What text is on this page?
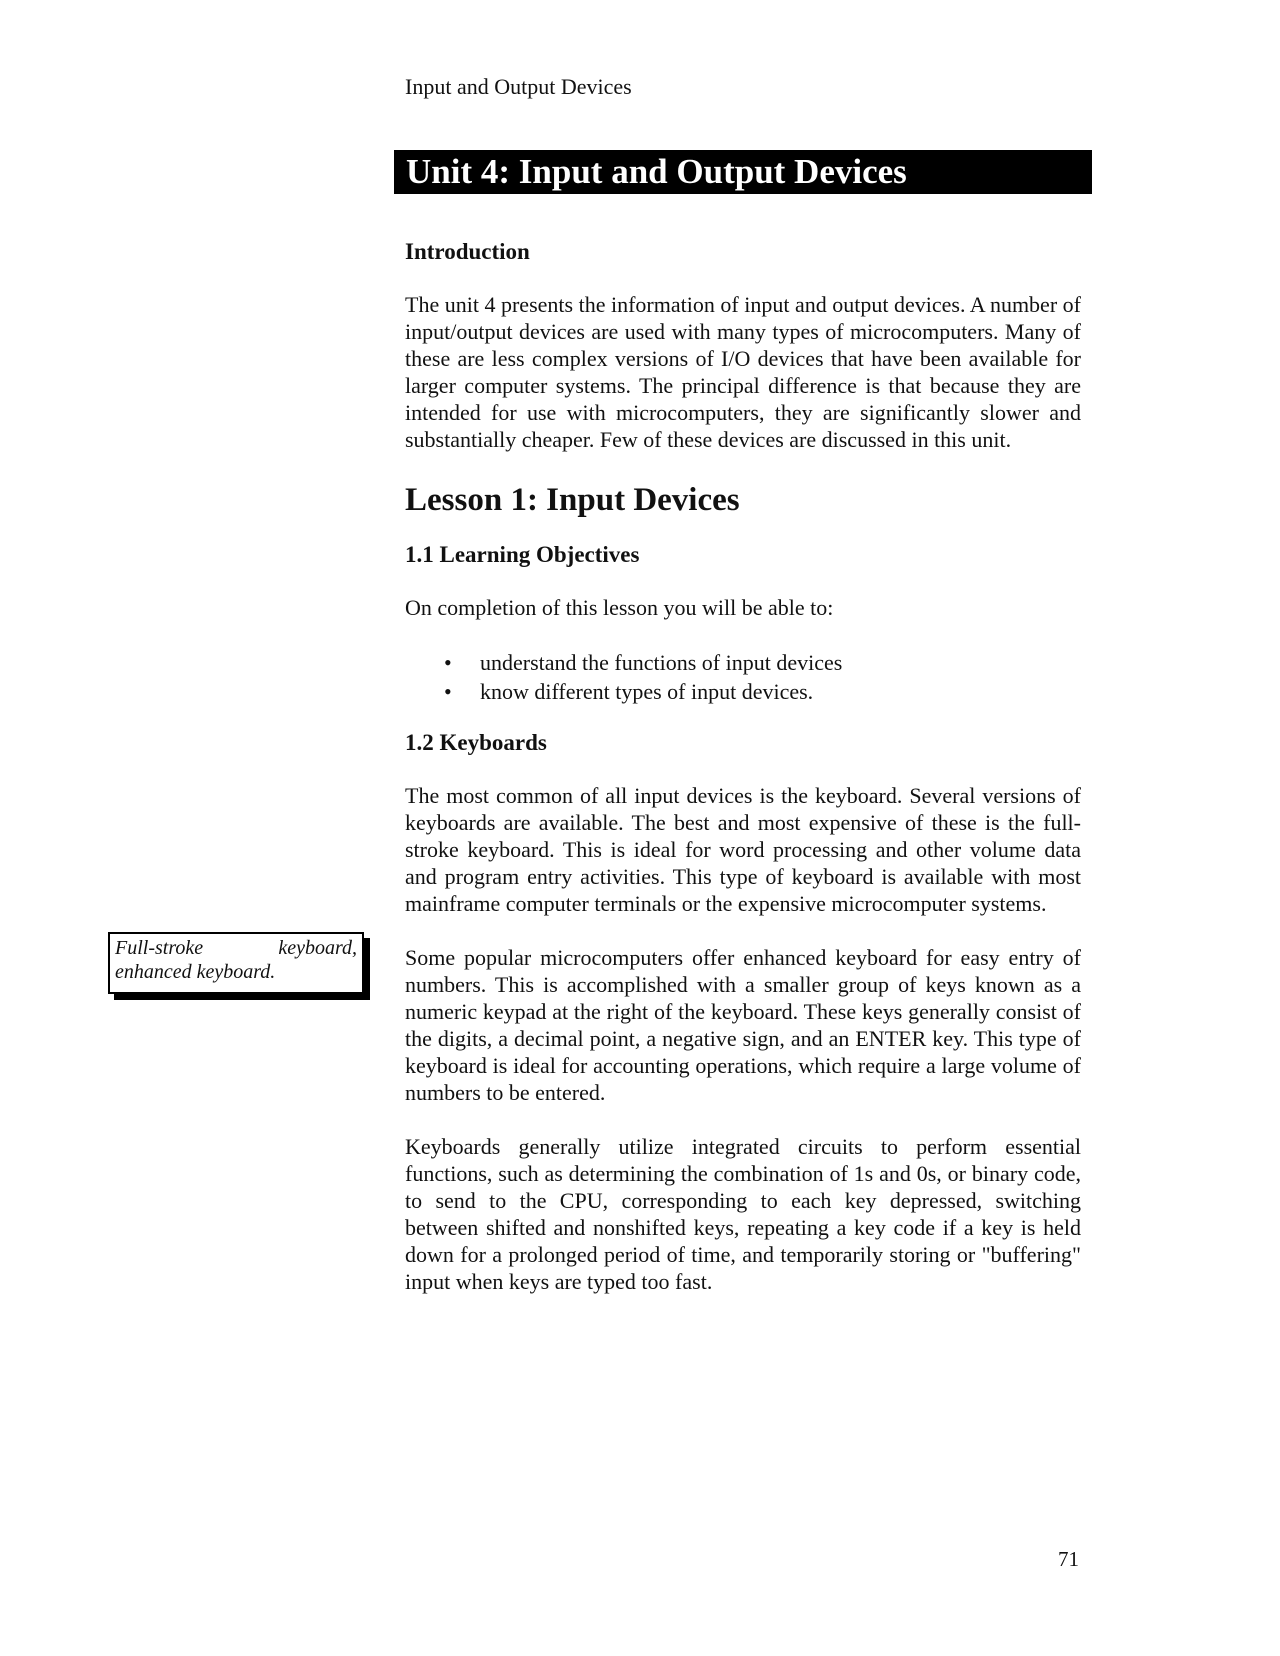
Input and Output Devices
Unit 4: Input and Output Devices
Introduction

The unit 4 presents the information of input and output devices. A number of input/output devices are used with many types of microcomputers. Many of these are less complex versions of I/O devices that have been available for larger computer systems. The principal difference is that because they are intended for use with microcomputers, they are significantly slower and substantially cheaper. Few of these devices are discussed in this unit.

Lesson 1: Input Devices
1.1 Learning Objectives

On completion of this lesson you will be able to:

• understand the functions of input devices
• know different types of input devices.
1.2 Keyboards

The most common of all input devices is the keyboard. Several versions of keyboards are available. The best and most expensive of these is the full-stroke keyboard. This is ideal for word processing and other volume data and program entry activities. This type of keyboard is available with most mainframe computer terminals or the expensive microcomputer systems.

Some popular microcomputers offer enhanced keyboard for easy entry of numbers. This is accomplished with a smaller group of keys known as a numeric keypad at the right of the keyboard. These keys generally consist of the digits, a decimal point, a negative sign, and an ENTER key. This type of keyboard is ideal for accounting operations, which require a large volume of numbers to be entered.

Keyboards generally utilize integrated circuits to perform essential functions, such as determining the combination of 1s and 0s, or binary code, to send to the CPU, corresponding to each key depressed, switching between shifted and nonshifted keys, repeating a key code if a key is held down for a prolonged period of time, and temporarily storing or "buffering" input when keys are typed too fast.

Full-stroke keyboard, enhanced keyboard.
71
